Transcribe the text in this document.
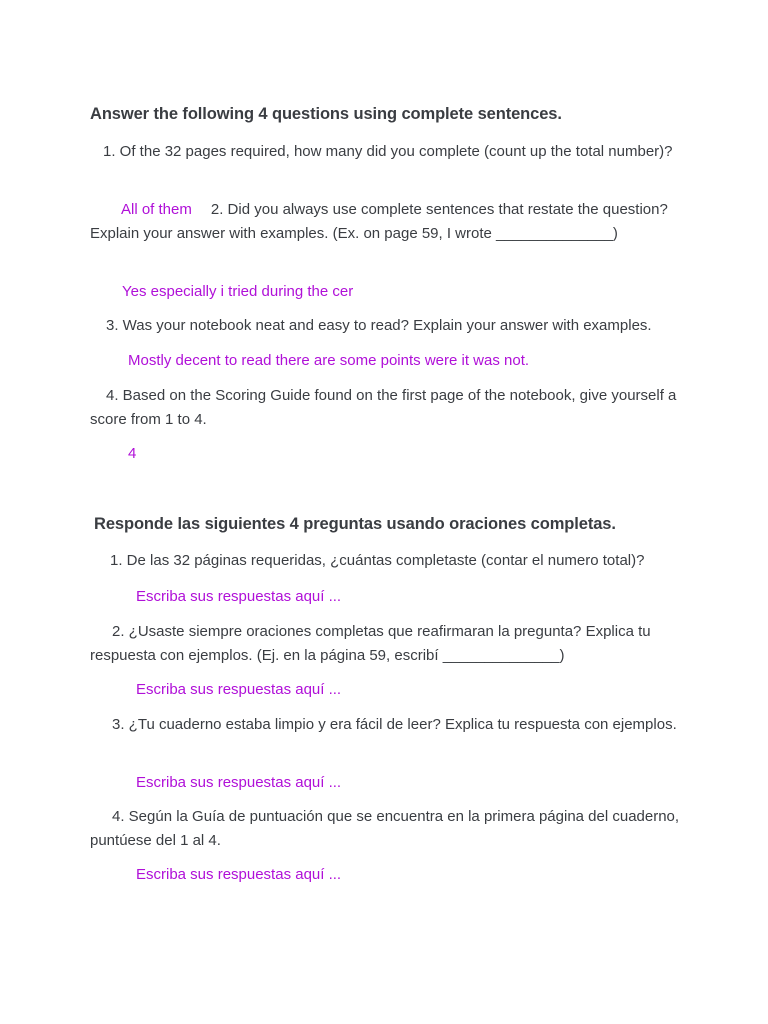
Answer the following 4 questions using complete sentences.
1. Of the 32 pages required, how many did you complete (count up the total number)?
All of them 2. Did you always use complete sentences that restate the question? Explain your answer with examples. (Ex. on page 59, I wrote ______________)
Yes especially i tried during the cer
3. Was your notebook neat and easy to read? Explain your answer with examples.
Mostly decent to read there are some points were it was not.
4. Based on the Scoring Guide found on the first page of the notebook, give yourself a score from 1 to 4.
4
Responde las siguientes 4 preguntas usando oraciones completas.
1. De las 32 páginas requeridas, ¿cuántas completaste (contar el numero total)?
Escriba sus respuestas aquí ...
2. ¿Usaste siempre oraciones completas que reafirmaran la pregunta? Explica tu respuesta con ejemplos. (Ej. en la página 59, escribí ______________)
Escriba sus respuestas aquí ...
3. ¿Tu cuaderno estaba limpio y era fácil de leer? Explica tu respuesta con ejemplos.
Escriba sus respuestas aquí ...
4. Según la Guía de puntuación que se encuentra en la primera página del cuaderno, puntúese del 1 al 4.
Escriba sus respuestas aquí ...
